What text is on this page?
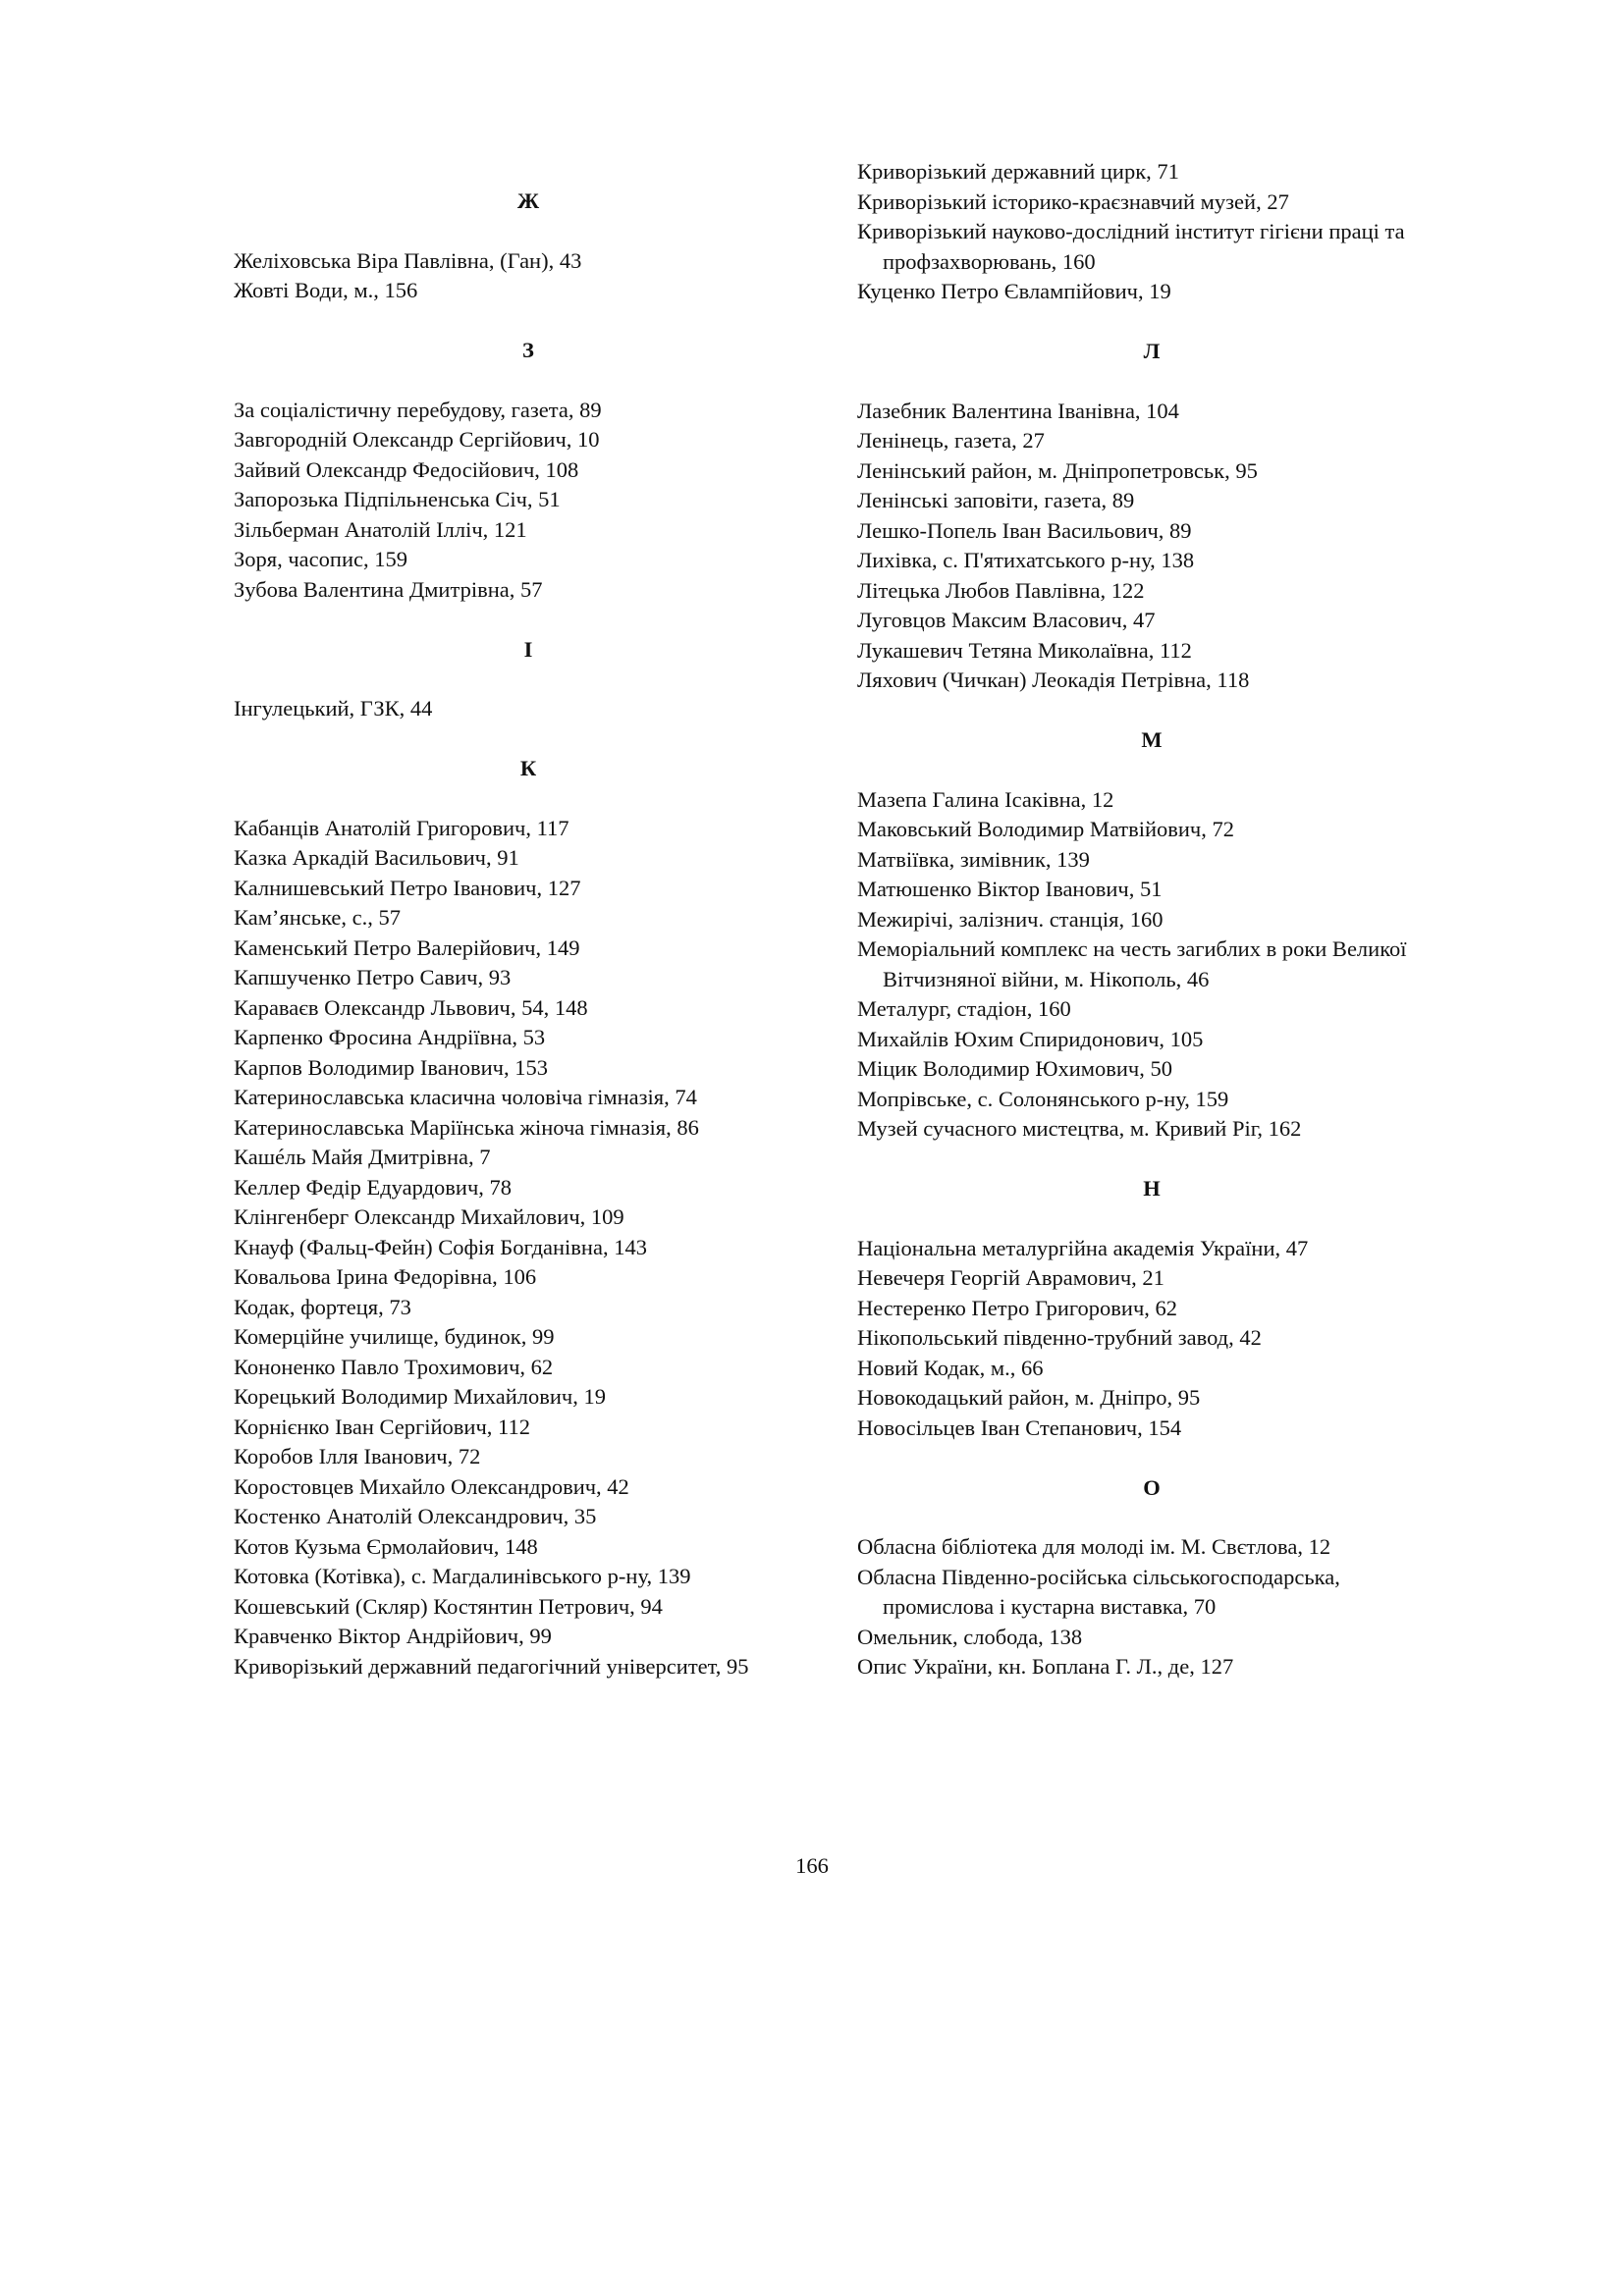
Ж
Желіховська Віра Павлівна, (Ган), 43
Жовті Води, м., 156
З
За соціалістичну перебудову, газета, 89
Завгородній Олександр Сергійович, 10
Зайвий Олександр Федосійович, 108
Запорозька Підпільненська Січ, 51
Зільберман Анатолій Ілліч, 121
Зоря, часопис, 159
Зубова Валентина Дмитрівна, 57
І
Інгулецький, ГЗК, 44
К
Кабанців Анатолій Григорович, 117
Казка Аркадій Васильович, 91
Калнишевський Петро Іванович, 127
Кам’янське, с., 57
Каменський Петро Валерійович, 149
Капшученко Петро Савич, 93
Караваєв Олександр Львович, 54, 148
Карпенко Фросина Андріївна, 53
Карпов Володимир Іванович, 153
Катеринославська класична чоловіча гімназія, 74
Катеринославська Маріїнська жіноча гімназія, 86
Кашéль Майя Дмитрівна, 7
Келлер Федір Едуардович, 78
Клінгенберг Олександр Михайлович, 109
Кнауф (Фальц-Фейн) Софія Богданівна, 143
Ковальова Ірина Федорівна, 106
Кодак, фортеця, 73
Комерційне училище, будинок, 99
Кононенко Павло Трохимович, 62
Корецький Володимир Михайлович, 19
Корнієнко Іван Сергійович, 112
Коробов Ілля Іванович, 72
Коростовцев Михайло Олександрович, 42
Костенко Анатолій Олександрович, 35
Котов Кузьма Єрмолайович, 148
Котовка (Котівка), с. Магдалинівського р-ну, 139
Кошевський (Скляр) Костянтин Петрович, 94
Кравченко Віктор Андрійович, 99
Криворізький державний педагогічний університет, 95
Криворізький державний цирк, 71
Криворізький історико-краєзнавчий музей, 27
Криворізький науково-дослідний інститут гігієни праці та профзахворювань, 160
Куценко Петро Євлампійович, 19
Л
Лазебник Валентина Іванівна, 104
Ленінець, газета, 27
Ленінський район, м. Дніпропетровськ, 95
Ленінські заповіти, газета, 89
Лешко-Попель Іван Васильович, 89
Лихівка, с. П'ятихатського р-ну, 138
Літецька Любов Павлівна, 122
Луговцов Максим Власович, 47
Лукашевич Тетяна Миколаївна, 112
Ляхович (Чичкан) Леокадія Петрівна, 118
М
Мазепа Галина Ісаківна, 12
Маковський Володимир Матвійович, 72
Матвіївка, зимівник, 139
Матюшенко Віктор Іванович, 51
Межирічі, залізнич. станція, 160
Меморіальний комплекс на честь загиблих в роки Великої Вітчизняної війни, м. Нікополь, 46
Металург, стадіон, 160
Михайлів Юхим Спиридонович, 105
Міцик Володимир Юхимович, 50
Мопрівське, с. Солонянського р-ну, 159
Музей сучасного мистецтва, м. Кривий Ріг, 162
Н
Національна металургійна академія України, 47
Невечеря Георгій Аврамович, 21
Нестеренко Петро Григорович, 62
Нікопольський південно-трубний завод, 42
Новий Кодак, м., 66
Новокодацький район, м. Дніпро, 95
Новосільцев Іван Степанович, 154
О
Обласна бібліотека для молоді ім. М. Свєтлова, 12
Обласна Південно-російська сільськогосподарська, промислова і кустарна виставка, 70
Омельник, слобода, 138
Опис України, кн. Боплана Г. Л., де, 127
166
